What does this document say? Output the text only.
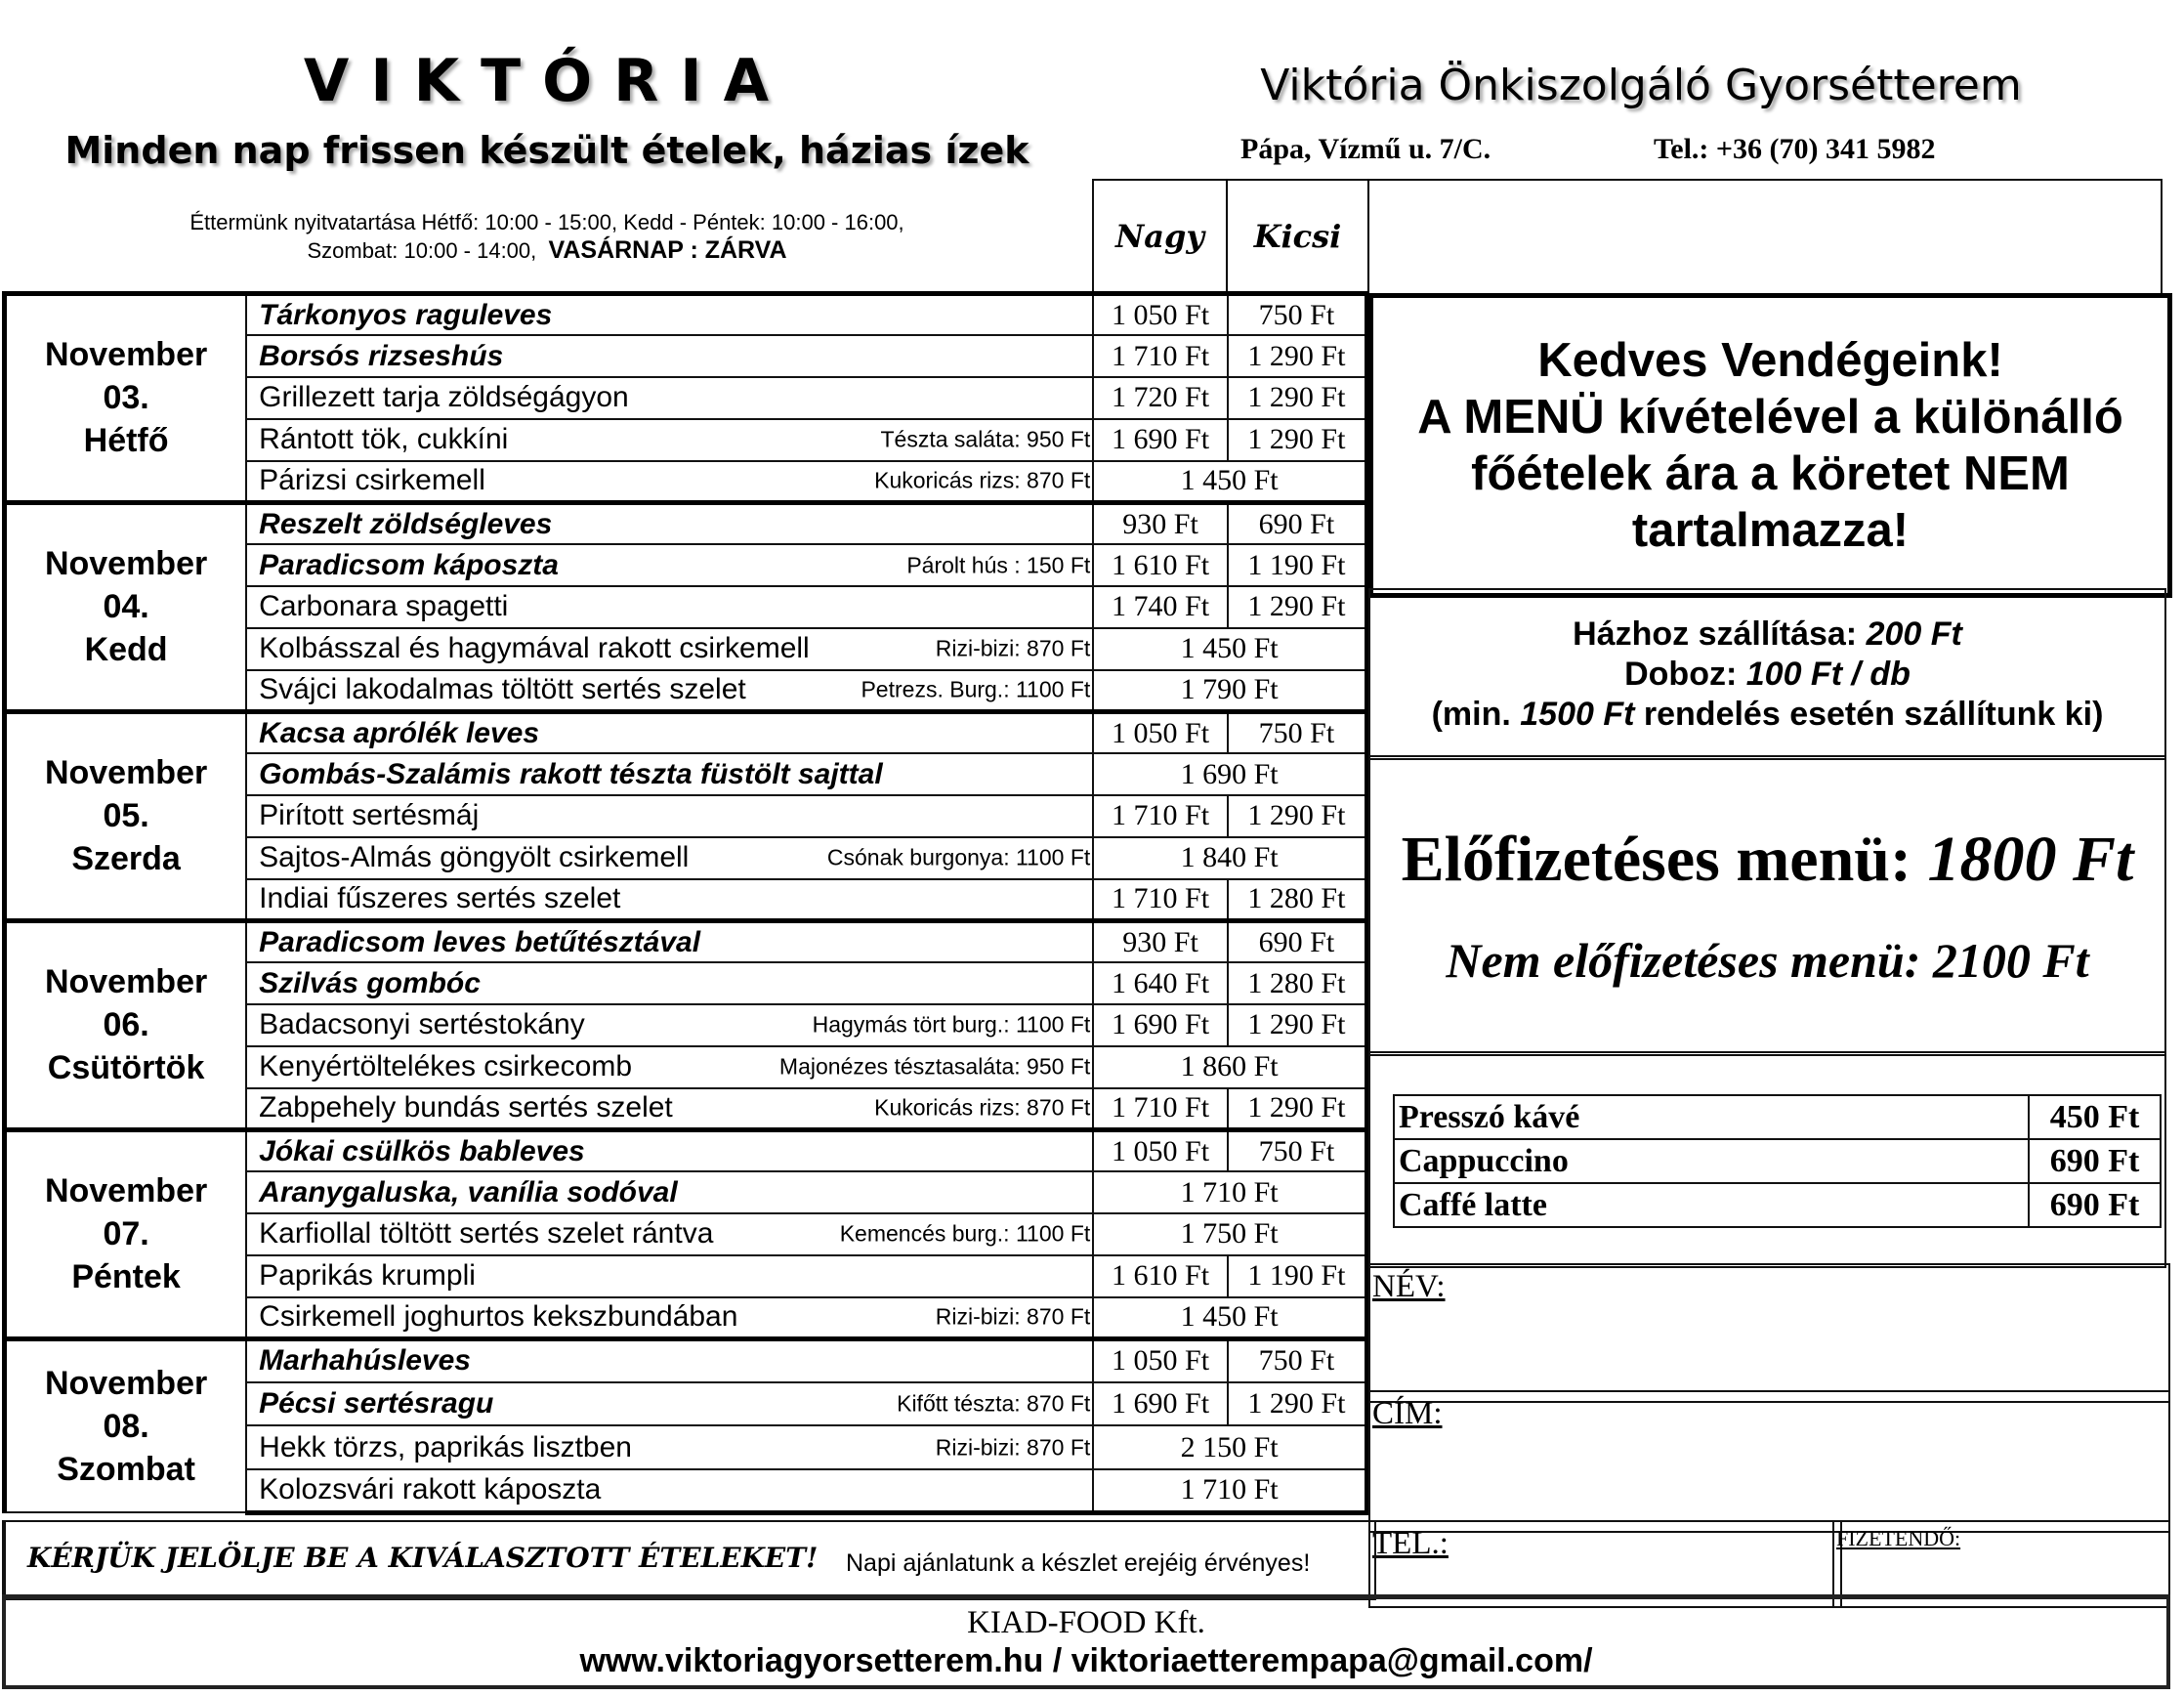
VIKTÓRIA
Minden nap frissen készült ételek, házias ízek
Éttermünk nyitvatartása Hétfő: 10:00 - 15:00, Kedd - Péntek: 10:00 - 16:00,
Szombat: 10:00 - 14:00, VASÁRNAP : ZÁRVA
Viktória Önkiszolgáló Gyorsétterem
Pápa, Vízmű u. 7/C.	Tel.: +36 (70) 341 5982
Nagy	Kicsi
November
03.
Hétfő	Tárkonyos raguleves	1 050 Ft	750 Ft
	Borsós rizseshús	1 710 Ft	1 290 Ft
	Grillezett tarja zöldségágyon	1 720 Ft	1 290 Ft
	Rántott tök, cukkíni Tészta saláta: 950 Ft	1 690 Ft	1 290 Ft
	Párizsi csirkemell Kukoricás rizs: 870 Ft	1 450 Ft	

November
04.
Kedd	Reszelt zöldségleves	930 Ft	690 Ft
	Paradicsom káposzta Párolt hús : 150 Ft	1 610 Ft	1 190 Ft
	Carbonara spagetti	1 740 Ft	1 290 Ft
	Kolbásszal és hagymával rakott csirkemell Rizi-bizi: 870 Ft	1 450 Ft	
	Svájci lakodalmas töltött sertés szelet Petrezs. Burg.: 1100 Ft	1 790 Ft	

November
05.
Szerda	Kacsa aprólék leves	1 050 Ft	750 Ft
	Gombás-Szalámis rakott tészta füstölt sajttal	1 690 Ft	
	Pirított sertésmáj	1 710 Ft	1 290 Ft
	Sajtos-Almás göngyölt csirkemell Csónak burgonya: 1100 Ft	1 840 Ft	
	Indiai fűszeres sertés szelet	1 710 Ft	1 280 Ft

November
06.
Csütörtök	Paradicsom leves betűtésztával	930 Ft	690 Ft
	Szilvás gombóc	1 640 Ft	1 280 Ft
	Badacsonyi sertéstokány Hagymás tört burg.: 1100 Ft	1 690 Ft	1 290 Ft
	Kenyértöltelékes csirkecomb Majonézes tésztasaláta: 950 Ft	1 860 Ft	
	Zabpehely bundás sertés szelet Kukoricás rizs: 870 Ft	1 710 Ft	1 290 Ft

November
07.
Péntek	Jókai csülkös bableves	1 050 Ft	750 Ft
	Aranygaluska, vanília sodóval	1 710 Ft	
	Karfiollal töltött sertés szelet rántva Kemencés burg.: 1100 Ft	1 750 Ft	
	Paprikás krumpli	1 610 Ft	1 190 Ft
	Csirkemell joghurtos kekszbundában Rizi-bizi: 870 Ft	1 450 Ft	

November
08.
Szombat	Marhahúsleves	1 050 Ft	750 Ft
	Pécsi sertésragu Kifőtt tészta: 870 Ft	1 690 Ft	1 290 Ft
	Hekk törzs, paprikás lisztben Rizi-bizi: 870 Ft	2 150 Ft	
	Kolozsvári rakott káposzta	1 710 Ft	
Kedves Vendégeink!
A MENÜ kívételével a különálló
főételek ára a köretet NEM
tartalmazza!
Házhoz szállítása: 200 Ft
Doboz: 100 Ft / db
(min. 1500 Ft rendelés esetén szállítunk ki)
Előfizetéses menü: 1800 Ft
Nem előfizetéses menü: 2100 Ft
Presszó kávé	450 Ft
Cappuccino	690 Ft
Caffé latte	690 Ft
NÉV:
CÍM:
TEL.:	FIZETENDŐ:
KÉRJÜK JELÖLJE BE A KIVÁLASZTOTT ÉTELEKET! Napi ajánlatunk a készlet erejéig érvényes!
KIAD-FOOD Kft.
www.viktoriagyorsetterem.hu / viktoriaetterempapa@gmail.com/
